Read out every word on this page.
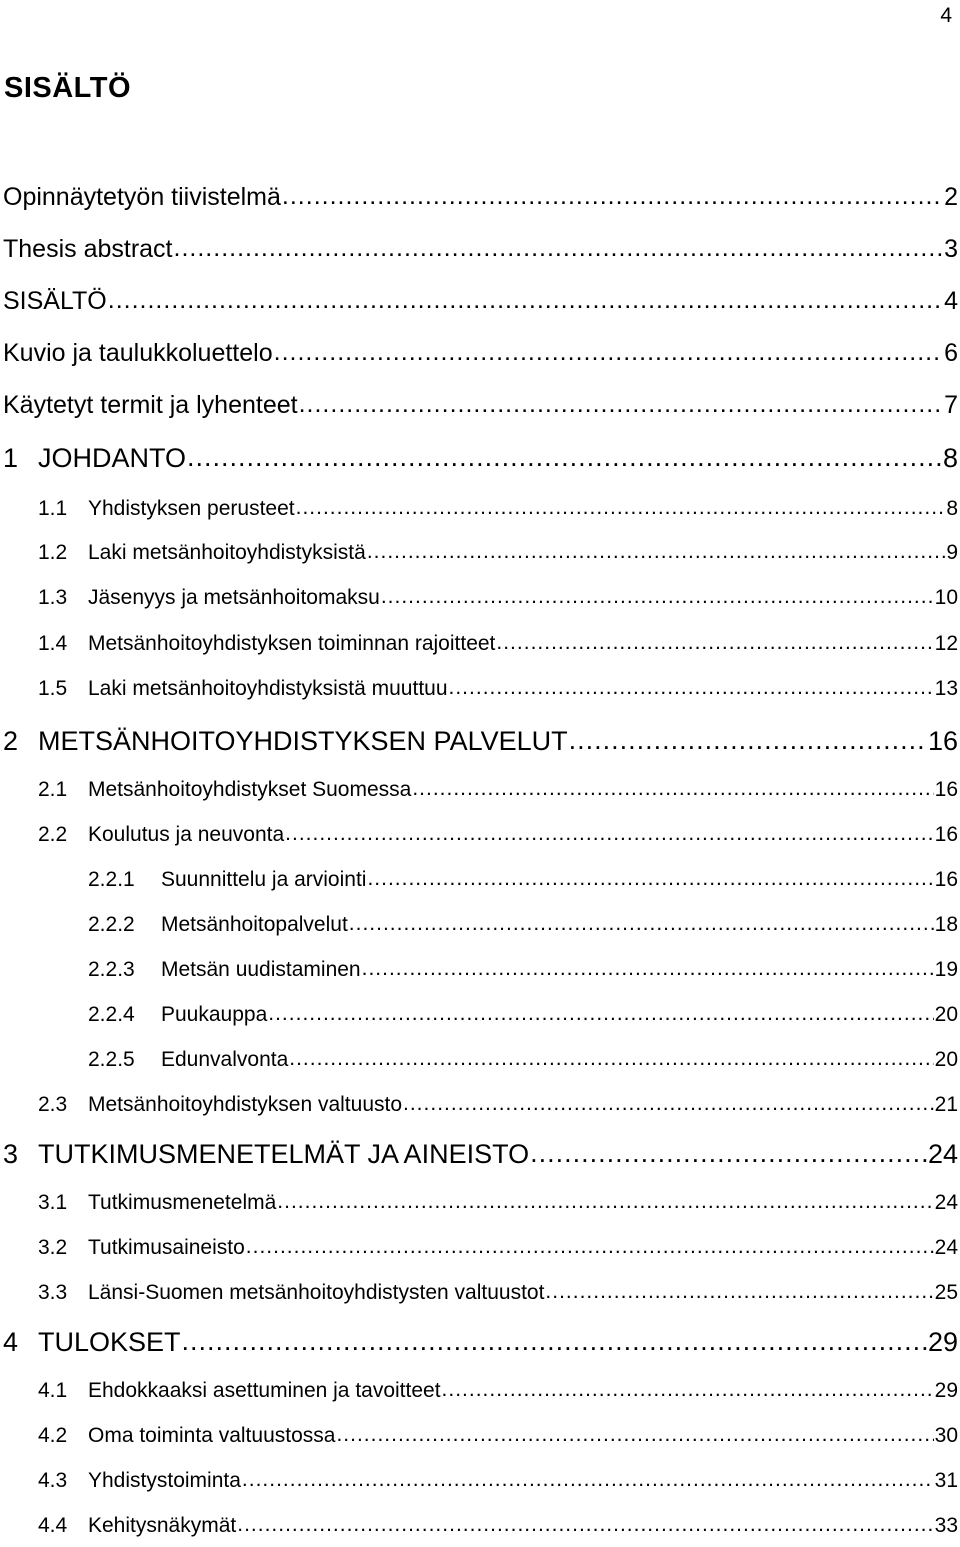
4
SISÄLTÖ
Opinnäytetyön tiivistelmä .....	2
Thesis abstract .....	3
SISÄLTÖ .....	4
Kuvio ja taulukkoluettelo .....	6
Käytetyt termit ja lyhenteet .....	7
1 JOHDANTO .....	8
1.1 Yhdistyksen perusteet .....	8
1.2 Laki metsänhoitoyhdistyksistä .....	9
1.3 Jäsenyys ja metsänhoitomaksu .....	10
1.4 Metsänhoitoyhdistyksen toiminnan rajoitteet .....	12
1.5 Laki metsänhoitoyhdistyksistä muuttuu .....	13
2 METSÄNHOITOYHDISTYKSEN PALVELUT .....	16
2.1 Metsänhoitoyhdistykset Suomessa .....	16
2.2 Koulutus ja neuvonta .....	16
2.2.1	Suunnittelu ja arviointi .....	16
2.2.2	Metsänhoitopalvelut .....	18
2.2.3	Metsän uudistaminen .....	19
2.2.4	Puukauppa .....	20
2.2.5	Edunvalvonta .....	20
2.3 Metsänhoitoyhdistyksen valtuusto .....	21
3 TUTKIMUSMENETELMÄT JA AINEISTO .....	24
3.1 Tutkimusmenetelmä .....	24
3.2 Tutkimusaineisto .....	24
3.3 Länsi-Suomen metsänhoitoyhdistysten valtuustot .....	25
4 TULOKSET .....	29
4.1 Ehdokkaaksi asettuminen ja tavoitteet .....	29
4.2 Oma toiminta valtuustossa .....	30
4.3 Yhdistystoiminta .....	31
4.4 Kehitysnäkymät .....	33
